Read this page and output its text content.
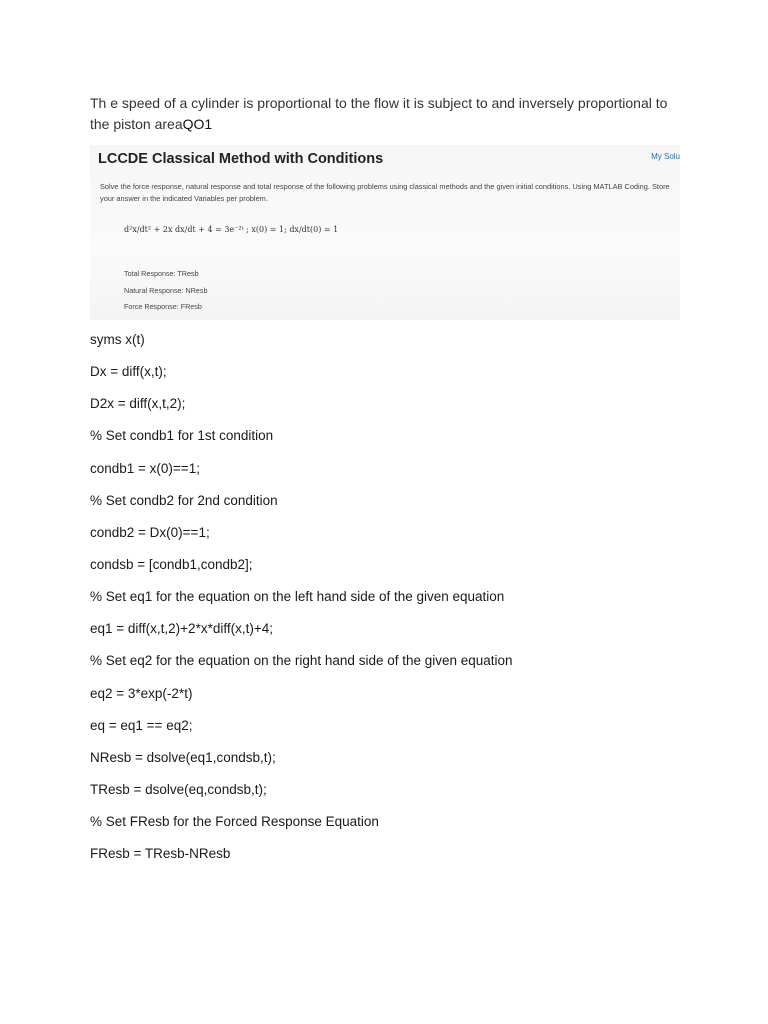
Th e speed of a cylinder is proportional to the flow it is subject to and inversely proportional to the piston areaQO1
LCCDE Classical Method with Conditions	My Solu
Solve the force response, natural response and total response of the following problems using classical methods and the given initial conditions. Using MATLAB Coding. Store your answer in the indicated Variables per problem.
d²x/dt² + 2x dx/dt + 4 = 3e⁻²ᵗ ; x(0) = 1; dx/dt(0) = 1
Total Response: TResb
Natural Response: NResb
Force Response: FResb
syms x(t)
Dx = diff(x,t);
D2x = diff(x,t,2);
% Set condb1 for 1st condition
condb1 = x(0)==1;
% Set condb2 for 2nd condition
condb2 = Dx(0)==1;
condsb = [condb1,condb2];
% Set eq1 for the equation on the left hand side of the given equation
eq1 = diff(x,t,2)+2*x*diff(x,t)+4;
% Set eq2 for the equation on the right hand side of the given equation
eq2 = 3*exp(-2*t)
eq = eq1 == eq2;
NResb = dsolve(eq1,condsb,t);
TResb = dsolve(eq,condsb,t);
% Set FResb for the Forced Response Equation
FResb = TResb-NResb
